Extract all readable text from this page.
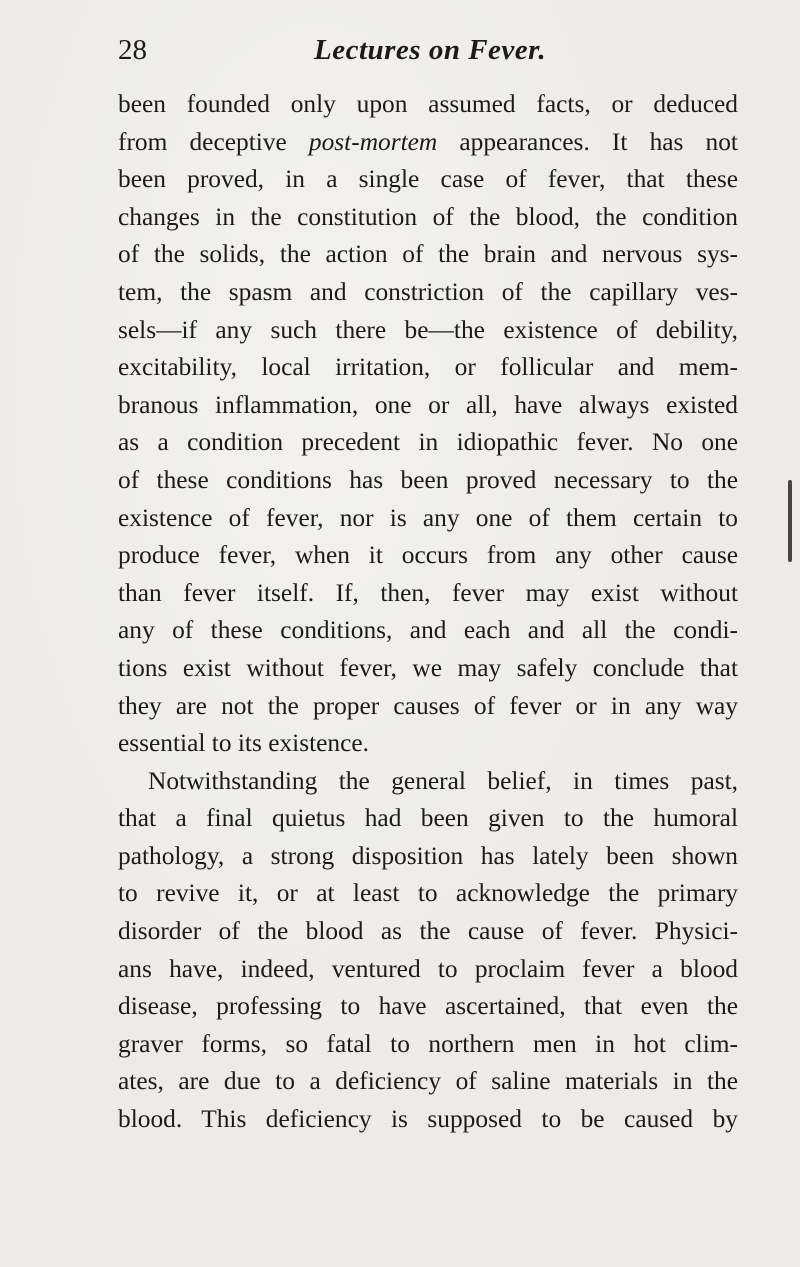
28	Lectures on Fever.
been founded only upon assumed facts, or deduced
from deceptive post-mortem appearances. It has not
been proved, in a single case of fever, that these
changes in the constitution of the blood, the condition
of the solids, the action of the brain and nervous sys-
tem, the spasm and constriction of the capillary ves-
sels—if any such there be—the existence of debility,
excitability, local irritation, or follicular and mem-
branous inflammation, one or all, have always existed
as a condition precedent in idiopathic fever. No one
of these conditions has been proved necessary to the
existence of fever, nor is any one of them certain to
produce fever, when it occurs from any other cause
than fever itself. If, then, fever may exist without
any of these conditions, and each and all the condi-
tions exist without fever, we may safely conclude that
they are not the proper causes of fever or in any way
essential to its existence.
Notwithstanding the general belief, in times past,
that a final quietus had been given to the humoral
pathology, a strong disposition has lately been shown
to revive it, or at least to acknowledge the primary
disorder of the blood as the cause of fever. Physici-
ans have, indeed, ventured to proclaim fever a blood
disease, professing to have ascertained, that even the
graver forms, so fatal to northern men in hot clim-
ates, are due to a deficiency of saline materials in the
blood. This deficiency is supposed to be caused by
